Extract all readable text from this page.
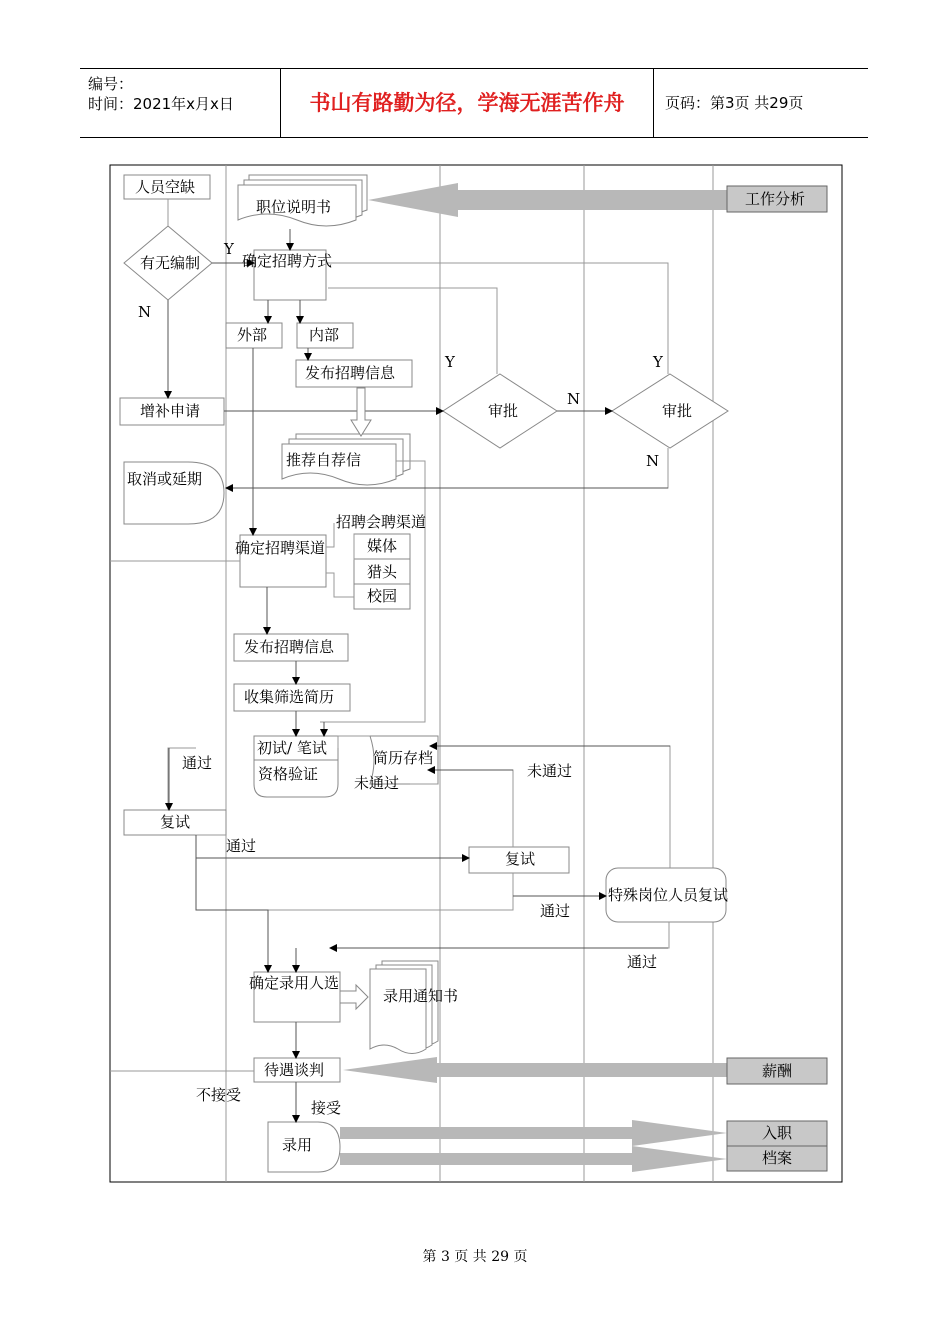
编号：
时间：2021年x月x日	书山有路勤为径，学海无涯苦作舟	页码：第3页 共29页
人员空缺
职位说明书	工作分析
有无编制	确定招聘方式
Y
N
外部	内部
发布招聘信息
Y	Y
N
N
增补申请	审批	审批
推荐自荐信
取消或延期
招聘会聘渠道
确定招聘渠道	媒体
猎头
校园
发布招聘信息
收集筛选简历
初试/ 笔试
资格验证
简历存档
未通过
未通过
通过
复试
通过
复试
通过
特殊岗位人员复试
通过
确定录用人选
录用通知书
待遇谈判	薪酬
不接受
接受
录用
入职
档案
第 3 页 共 29 页
